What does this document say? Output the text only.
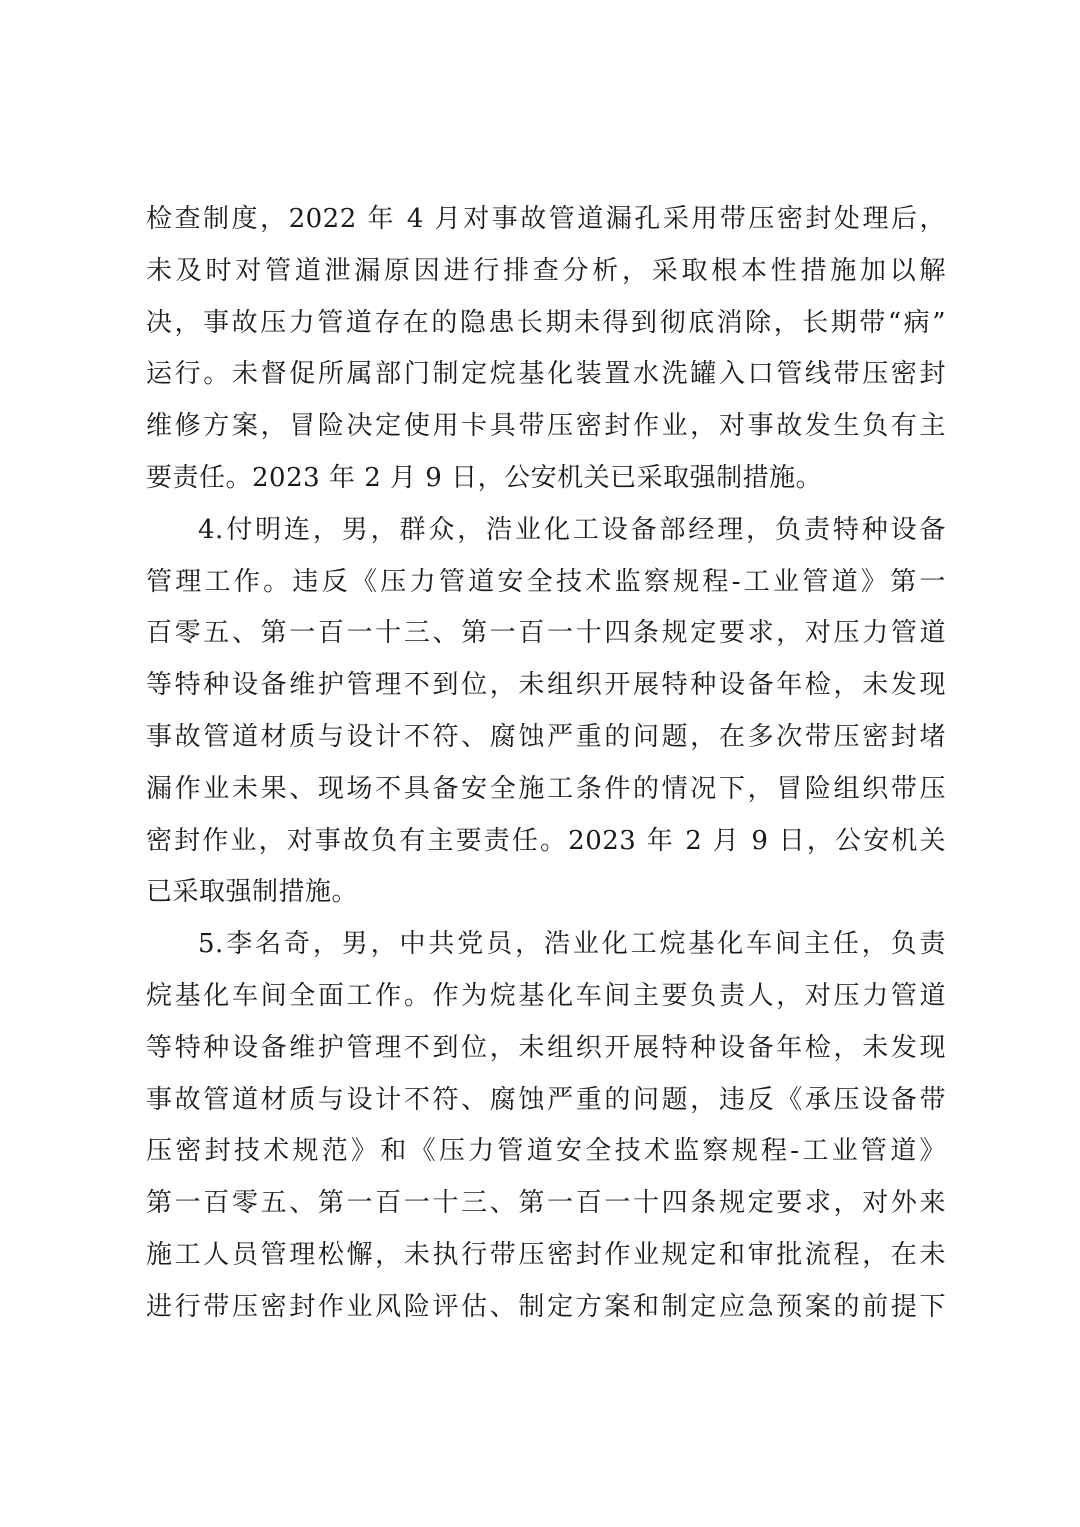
检查制度，2022 年 4 月对事故管道漏孔采用带压密封处理后，
未及时对管道泄漏原因进行排查分析，采取根本性措施加以解
决，事故压力管道存在的隐患长期未得到彻底消除，长期带“病”
运行。未督促所属部门制定烷基化装置水洗罐入口管线带压密封
维修方案，冒险决定使用卡具带压密封作业，对事故发生负有主
要责任。2023 年 2 月 9 日，公安机关已采取强制措施。
4.付明连，男，群众，浩业化工设备部经理，负责特种设备
管理工作。违反《压力管道安全技术监察规程-工业管道》第一
百零五、第一百一十三、第一百一十四条规定要求，对压力管道
等特种设备维护管理不到位，未组织开展特种设备年检，未发现
事故管道材质与设计不符、腐蚀严重的问题，在多次带压密封堵
漏作业未果、现场不具备安全施工条件的情况下，冒险组织带压
密封作业，对事故负有主要责任。2023 年 2 月 9 日，公安机关
已采取强制措施。
5.李名奇，男，中共党员，浩业化工烷基化车间主任，负责
烷基化车间全面工作。作为烷基化车间主要负责人，对压力管道
等特种设备维护管理不到位，未组织开展特种设备年检，未发现
事故管道材质与设计不符、腐蚀严重的问题，违反《承压设备带
压密封技术规范》和《压力管道安全技术监察规程-工业管道》
第一百零五、第一百一十三、第一百一十四条规定要求，对外来
施工人员管理松懈，未执行带压密封作业规定和审批流程，在未
进行带压密封作业风险评估、制定方案和制定应急预案的前提下
